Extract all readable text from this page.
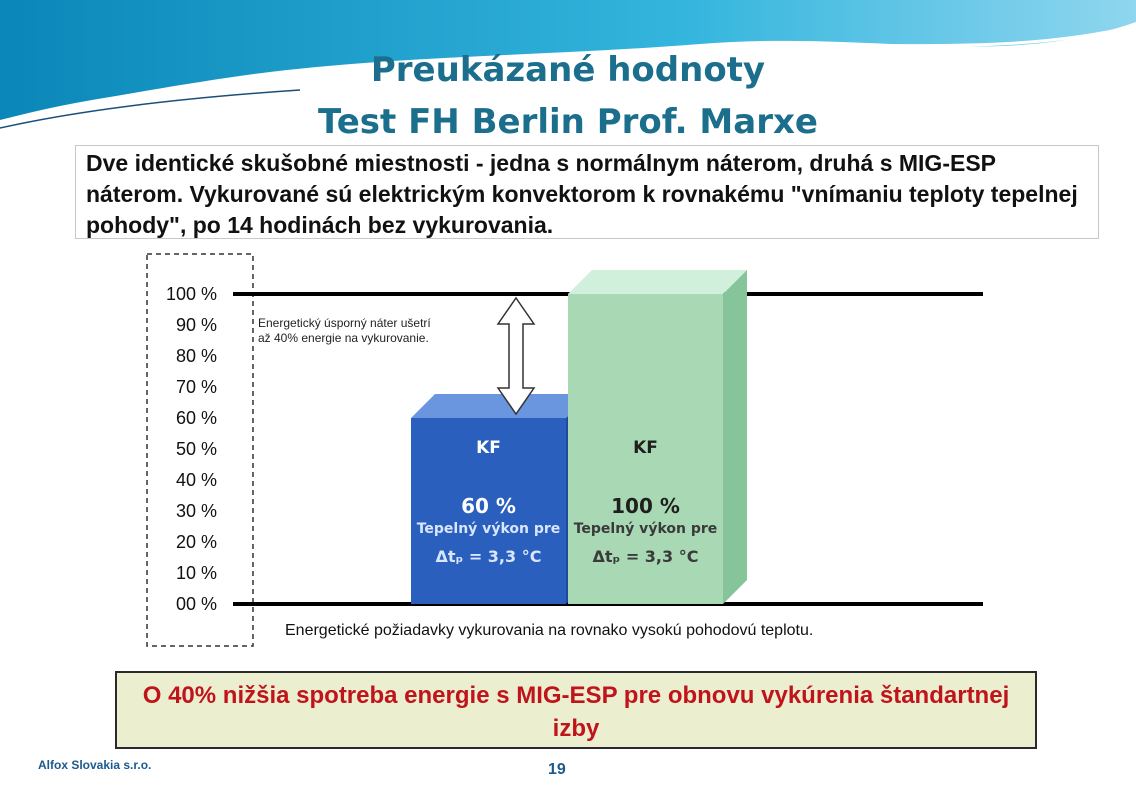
Preukázané hodnoty
Test FH Berlin Prof. Marxe
Dve identické skušobné miestnosti - jedna s normálnym náterom, druhá s MIG-ESP náterom. Vykurované sú elektrickým konvektorom k rovnakému "vnímaniu teploty tepelnej pohody", po 14 hodinách bez vykurovania.
100 %
90 %
80 %
70 %
60 %
50 %
40 %
30 %
20 %
10 %
00 %
KF
60 %
Tepelný výkon pre
Δtₚ = 3,3 °C
KF
100 %
Tepelný výkon pre
Δtₚ = 3,3 °C
Energetický úsporný náter ušetrí
až 40% energie na vykurovanie.
Energetické požiadavky vykurovania na rovnako vysokú pohodovú teplotu.
O 40% nižšia spotreba energie s MIG-ESP pre obnovu vykúrenia štandartnej izby
Alfox Slovakia s.r.o.	19
